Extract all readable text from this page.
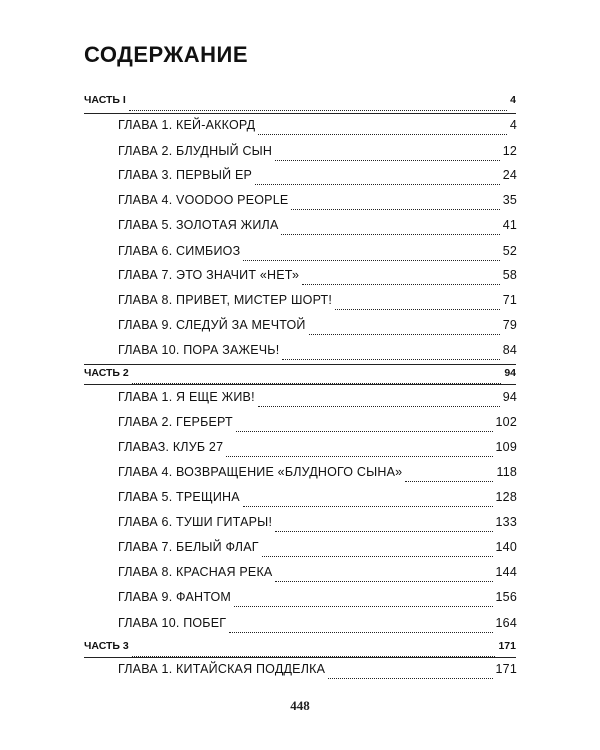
СОДЕРЖАНИЕ
ЧАСТЬ I	4
ГЛАВА 1. КЕЙ-АККОРД	4
ГЛАВА 2. БЛУДНЫЙ СЫН	12
ГЛАВА 3. ПЕРВЫЙ ЕР	24
ГЛАВА 4. VOODOO PEOPLE	35
ГЛАВА 5. ЗОЛОТАЯ ЖИЛА	41
ГЛАВА 6. СИМБИОЗ	52
ГЛАВА 7. ЭТО ЗНАЧИТ «НЕТ»	58
ГЛАВА 8. ПРИВЕТ, МИСТЕР ШОРТ!	71
ГЛАВА 9. СЛЕДУЙ ЗА МЕЧТОЙ	79
ГЛАВА 10. ПОРА ЗАЖЕЧЬ!	84
ЧАСТЬ 2	94
ГЛАВА 1. Я ЕЩЕ ЖИВ!	94
ГЛАВА 2. ГЕРБЕРТ	102
ГЛАВАЗ. КЛУБ 27	109
ГЛАВА 4. ВОЗВРАЩЕНИЕ «БЛУДНОГО СЫНА»	118
ГЛАВА 5. ТРЕЩИНА	128
ГЛАВА 6. ТУШИ ГИТАРЫ!	133
ГЛАВА 7. БЕЛЫЙ ФЛАГ	140
ГЛАВА 8. КРАСНАЯ РЕКА	144
ГЛАВА 9. ФАНТОМ	156
ГЛАВА 10. ПОБЕГ	164
ЧАСТЬ 3	171
ГЛАВА 1. КИТАЙСКАЯ ПОДДЕЛКА	171
448
